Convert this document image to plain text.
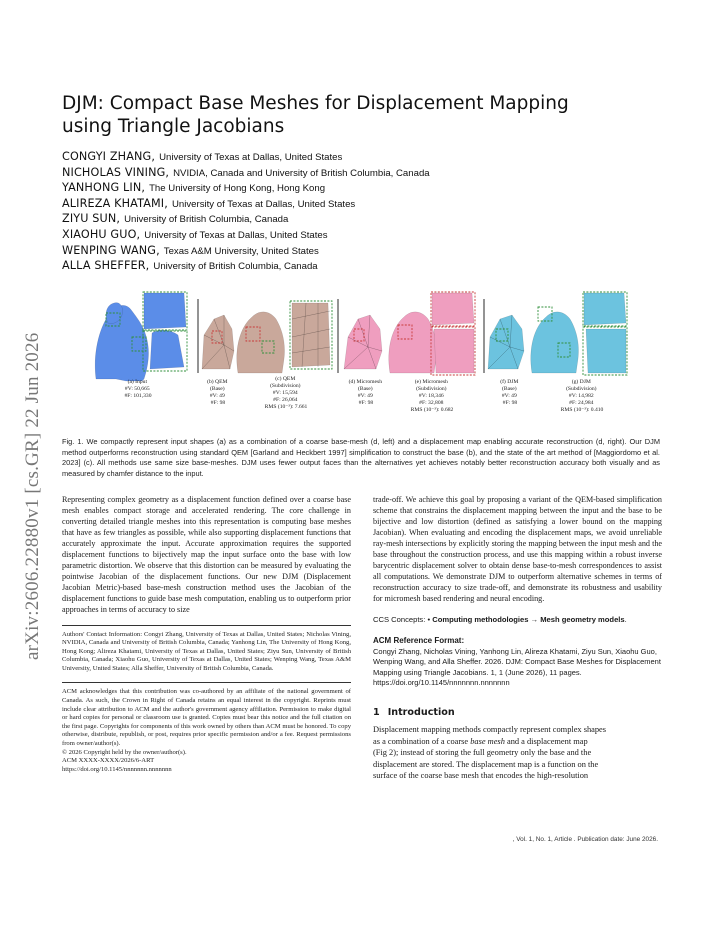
arXiv:2606.22880v1 [cs.GR] 22 Jun 2026
DJM: Compact Base Meshes for Displacement Mapping
using Triangle Jacobians
CONGYI ZHANG, University of Texas at Dallas, United States
NICHOLAS VINING, NVIDIA, Canada and University of British Columbia, Canada
YANHONG LIN, The University of Hong Kong, Hong Kong
ALIREZA KHATAMI, University of Texas at Dallas, United States
ZIYU SUN, University of British Columbia, Canada
XIAOHU GUO, University of Texas at Dallas, United States
WENPING WANG, Texas A&M University, United States
ALLA SHEFFER, University of British Columbia, Canada
(a) Input #V: 50,665 #F: 101,330
(b) QEM (Base) #V: 49 #F: 98
(c) QEM (Subdivision) #V: 15,594 #F: 26,064 RMS (10⁻³): 7.661
(d) Micromesh (Base) #V: 49 #F: 98
(e) Micromesh (Subdivision) #V: 18,346 #F: 32,808 RMS (10⁻³): 0.682
(f) DJM (Base) #V: 49 #F: 98
(g) DJM (Subdivision) #V: 14,982 #F: 24,984 RMS (10⁻³): 0.410

Fig. 1. We compactly represent input shapes (a) as a combination of a coarse base-mesh (d, left) and a displacement map enabling accurate reconstruction (d, right). Our DJM method outperforms reconstruction using standard QEM [Garland and Heckbert 1997] simplification to construct the base (b), and the state of the art method of [Maggiordomo et al. 2023] (c). All methods use same size base-meshes. DJM uses fewer output faces than the alternatives yet achieves notably better reconstruction accuracy both visually and as measured by chamfer distance to the input.

Representing complex geometry as a displacement function defined over a coarse base mesh enables compact storage and accelerated rendering. The core challenge in converting detailed triangle meshes into this representation is computing base meshes that have as few triangles as possible, while also supporting displacement functions that accurately approximate the input. Accurate approximation requires the supported displacement functions to bijectively map the input surface onto the base with low parametric distortion. We observe that this distortion can be measured by evaluating the pointwise Jacobian of the displacement functions. Our new DJM (Displacement Jacobian Metric)-based base-mesh construction method uses the Jacobian of the displacement functions to guide base mesh computation, enabling us to outperform prior approaches in terms of accuracy to size

Authors' Contact Information: Congyi Zhang, University of Texas at Dallas, United States; Nicholas Vining, NVIDIA, Canada and University of British Columbia, Canada; Yanhong Lin, The University of Hong Kong, Hong Kong; Alireza Khatami, University of Texas at Dallas, United States; Ziyu Sun, University of British Columbia, Canada; Xiaohu Guo, University of Texas at Dallas, United States; Wenping Wang, Texas A&M University, United States; Alla Sheffer, University of British Columbia, Canada.

ACM acknowledges that this contribution was co-authored by an affiliate of the national government of Canada. As such, the Crown in Right of Canada retains an equal interest in the copyright. Reprints must include clear attribution to ACM and the author's government agency affiliation. Permission to make digital or hard copies for personal or classroom use is granted. Copies must bear this notice and the full citation on the first page. Copyrights for components of this work owned by others than ACM must be honored. To copy otherwise, distribute, republish, or post, requires prior specific permission and/or a fee. Request permissions from owner/author(s).

© 2026 Copyright held by the owner/author(s).

ACM XXXX-XXXX/2026/6-ART

https://doi.org/10.1145/nnnnnnn.nnnnnnn

trade-off. We achieve this goal by proposing a variant of the QEM-based simplification scheme that constrains the displacement mapping between the input and the base to be bijective and low distortion (defined as satisfying a lower bound on the mapping Jacobian). When evaluating and encoding the displacement maps, we avoid unreliable ray-mesh intersections by explicitly storing the mapping between the input mesh and the base throughout the construction process, and use this mapping within a robust inverse barycentric displacement solver to obtain dense base-to-mesh correspondences to assist all computations. We demonstrate DJM to outperform alternative schemes in terms of reconstruction accuracy to size trade-off, and demonstrate its robustness and usability for micromesh based rendering and neural encoding.

CCS Concepts: • Computing methodologies → Mesh geometry models.

ACM Reference Format:

Congyi Zhang, Nicholas Vining, Yanhong Lin, Alireza Khatami, Ziyu Sun, Xiaohu Guo, Wenping Wang, and Alla Sheffer. 2026. DJM: Compact Base Meshes for Displacement Mapping using Triangle Jacobians. 1, 1 (June 2026), 11 pages. https://doi.org/10.1145/nnnnnnn.nnnnnnn

1 Introduction
Displacement mapping methods compactly represent complex shapes
as a combination of a coarse base mesh and a displacement map
(Fig 2); instead of storing the full geometry only the base and the
displacement are stored. The displacement map is a function on the
surface of the coarse base mesh that encodes the high-resolution
, Vol. 1, No. 1, Article . Publication date: June 2026.
